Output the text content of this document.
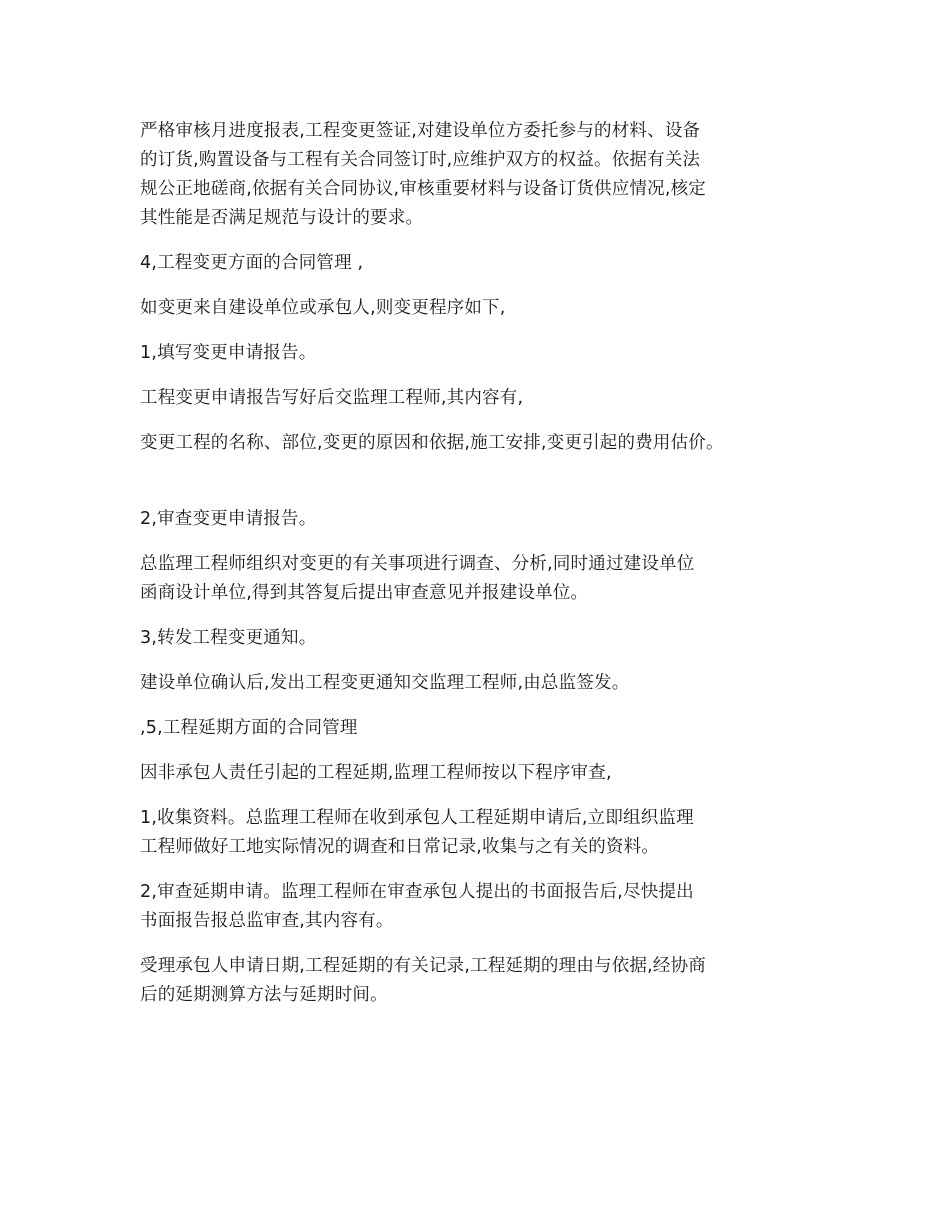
严格审核月进度报表,工程变更签证,对建设单位方委托参与的材料、设备
的订货,购置设备与工程有关合同签订时,应维护双方的权益。依据有关法
规公正地磋商,依据有关合同协议,审核重要材料与设备订货供应情况,核定
其性能是否满足规范与设计的要求。

4,工程变更方面的合同管理 ,

如变更来自建设单位或承包人,则变更程序如下,

1,填写变更申请报告。

工程变更申请报告写好后交监理工程师,其内容有,

变更工程的名称、部位,变更的原因和依据,施工安排,变更引起的费用估价。

2,审查变更申请报告。

总监理工程师组织对变更的有关事项进行调查、分析,同时通过建设单位
函商设计单位,得到其答复后提出审查意见并报建设单位。

3,转发工程变更通知。

建设单位确认后,发出工程变更通知交监理工程师,由总监签发。

,5,工程延期方面的合同管理

因非承包人责任引起的工程延期,监理工程师按以下程序审查,

1,收集资料。总监理工程师在收到承包人工程延期申请后,立即组织监理
工程师做好工地实际情况的调查和日常记录,收集与之有关的资料。

2,审查延期申请。监理工程师在审查承包人提出的书面报告后,尽快提出
书面报告报总监审查,其内容有。

受理承包人申请日期,工程延期的有关记录,工程延期的理由与依据,经协商
后的延期测算方法与延期时间。
